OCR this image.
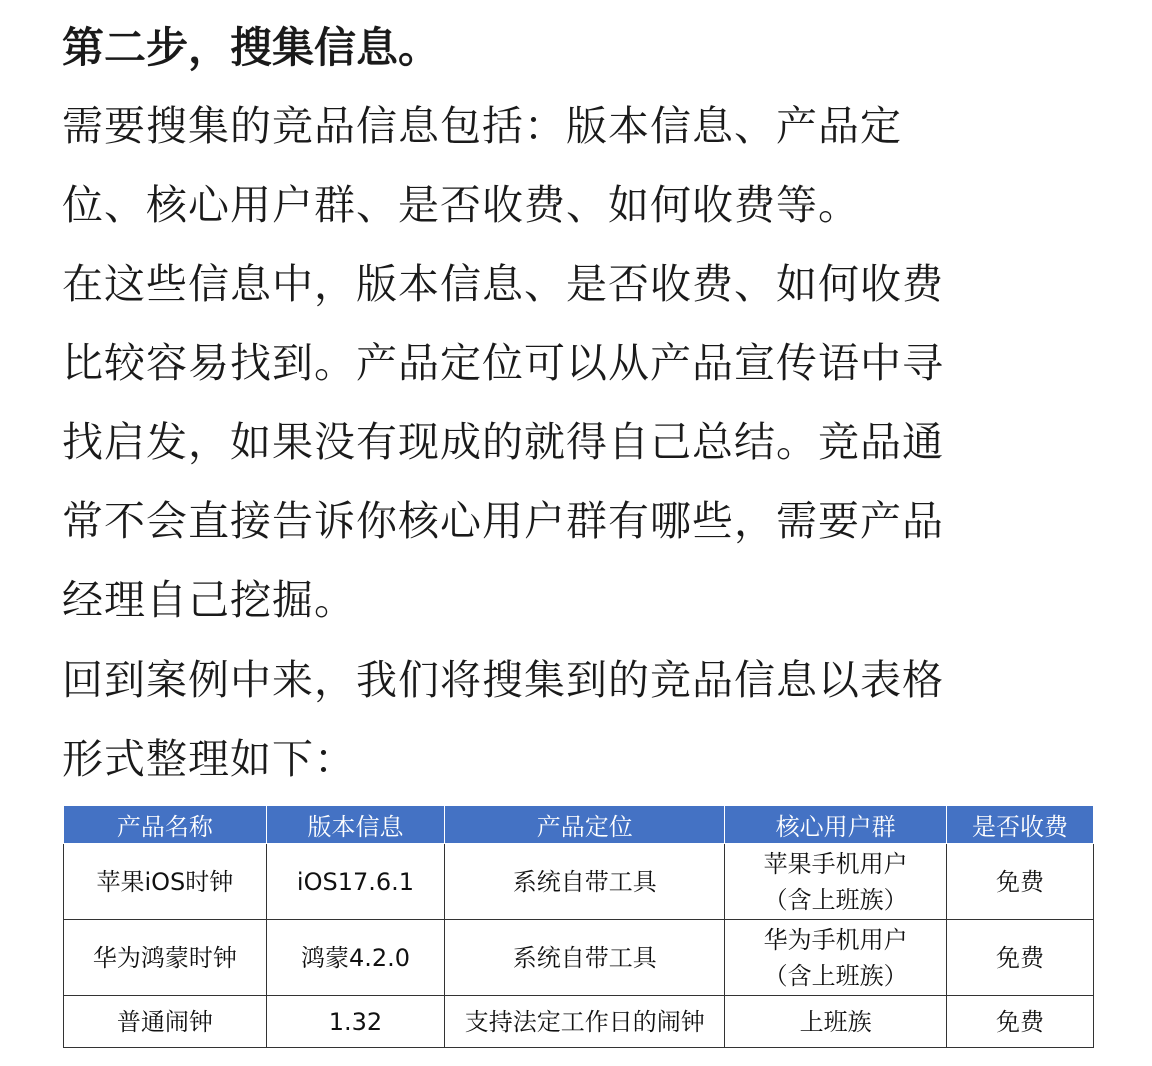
第二步，搜集信息。
需要搜集的竞品信息包括：版本信息、产品定
位、核心用户群、是否收费、如何收费等。
在这些信息中，版本信息、是否收费、如何收费
比较容易找到。产品定位可以从产品宣传语中寻
找启发，如果没有现成的就得自己总结。竞品通
常不会直接告诉你核心用户群有哪些，需要产品
经理自己挖掘。
回到案例中来，我们将搜集到的竞品信息以表格
形式整理如下：
产品名称	版本信息	产品定位	核心用户群	是否收费
苹果iOS时钟	iOS17.6.1	系统自带工具	苹果手机用户
（含上班族）	免费
华为鸿蒙时钟	鸿蒙4.2.0	系统自带工具	华为手机用户
（含上班族）	免费
普通闹钟	1.32	支持法定工作日的闹钟	上班族	免费
